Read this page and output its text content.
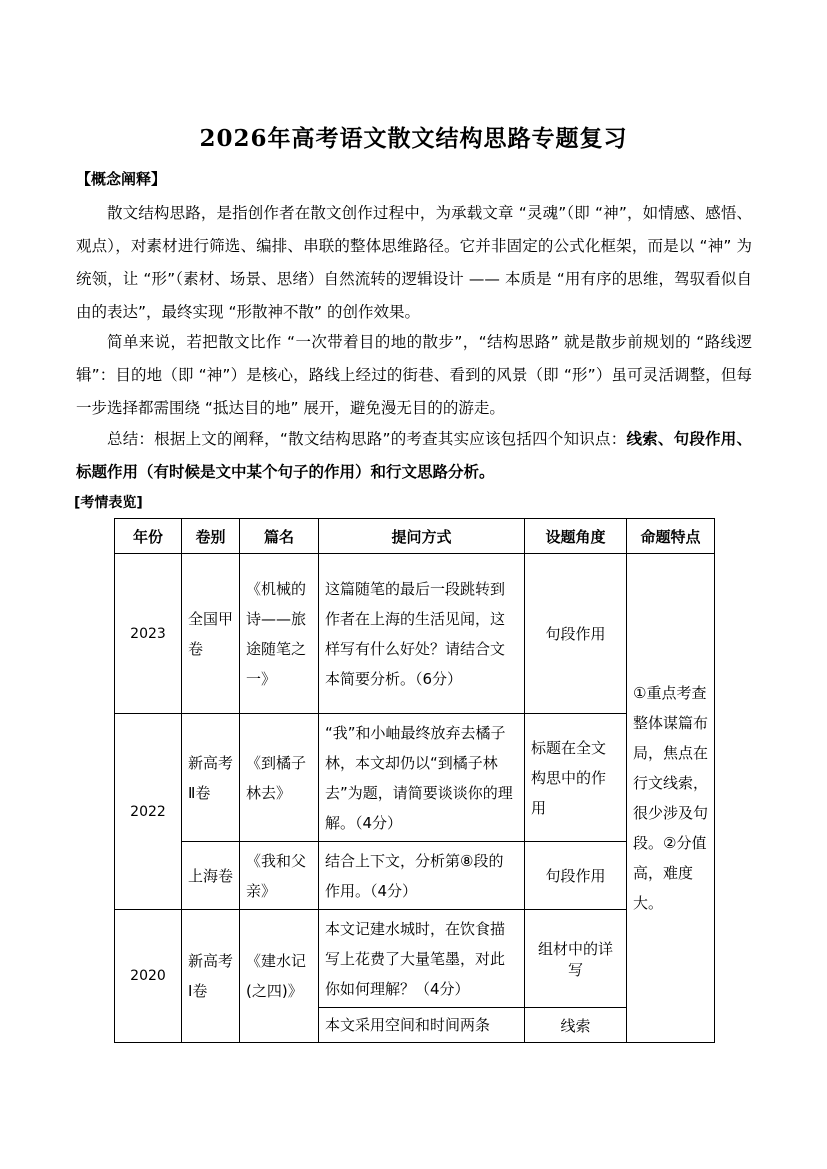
2026年高考语文散文结构思路专题复习
【概念阐释】
散文结构思路，是指创作者在散文创作过程中，为承载文章 “灵魂”（即 “神”，如情感、感悟、观点），对素材进行筛选、编排、串联的整体思维路径。它并非固定的公式化框架，而是以 “神” 为统领，让 “形”（素材、场景、思绪）自然流转的逻辑设计 —— 本质是 “用有序的思维，驾驭看似自由的表达”，最终实现 “形散神不散” 的创作效果。
简单来说，若把散文比作 “一次带着目的地的散步”，“结构思路” 就是散步前规划的 “路线逻辑”：目的地（即 “神”）是核心，路线上经过的街巷、看到的风景（即 “形”）虽可灵活调整，但每一步选择都需围绕 “抵达目的地” 展开，避免漫无目的的游走。
总结：根据上文的阐释，“散文结构思路”的考查其实应该包括四个知识点：线索、句段作用、标题作用（有时候是文中某个句子的作用）和行文思路分析。
[考情表览]
年份	卷别	篇名	提问方式	设题角度	命题特点
2023	全国甲卷	《机械的诗——旅途随笔之一》	这篇随笔的最后一段跳转到作者在上海的生活见闻，这样写有什么好处？请结合文本简要分析。（6分）	句段作用	①重点考查整体谋篇布局，焦点在行文线索，很少涉及句段。②分值高，难度大。
2022	新高考Ⅱ卷	《到橘子林去》	“我”和小岫最终放弃去橘子林，本文却仍以“到橘子林去”为题，请简要谈谈你的理解。（4分）	标题在全文构思中的作用	
	上海卷	《我和父亲》	结合上下文，分析第⑧段的作用。（4分）	句段作用	
2020	新高考Ⅰ卷	《建水记(之四)》	本文记建水城时，在饮食描写上花费了大量笔墨，对此你如何理解？（4分）	组材中的详写	
			本文采用空间和时间两条	线索	
